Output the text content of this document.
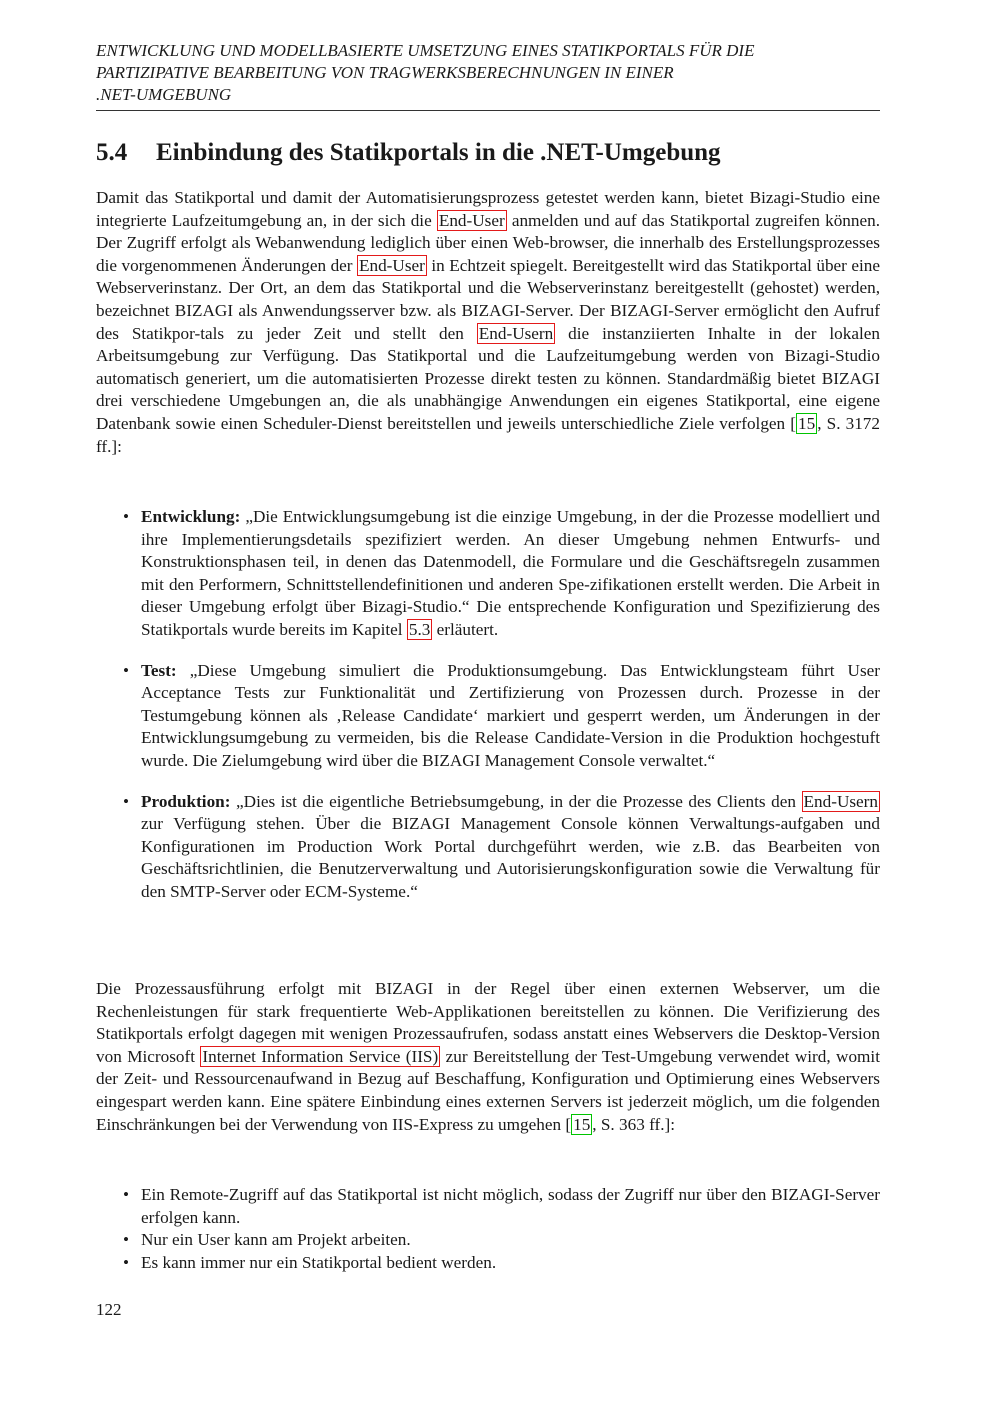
ENTWICKLUNG UND MODELLBASIERTE UMSETZUNG EINES STATIKPORTALS FÜR DIE
PARTIZIPATIVE BEARBEITUNG VON TRAGWERKSBERECHNUNGEN IN EINER
.NET-UMGEBUNG
5.4 Einbindung des Statikportals in die .NET-Umgebung

Damit das Statikportal und damit der Automatisierungsprozess getestet werden kann, bietet Bizagi-Studio eine integrierte Laufzeitumgebung an, in der sich die End-User anmelden und auf das Statikportal zugreifen können. Der Zugriff erfolgt als Webanwendung lediglich über einen Web-browser, die innerhalb des Erstellungsprozesses die vorgenommenen Änderungen der End-User in Echtzeit spiegelt. Bereitgestellt wird das Statikportal über eine Webserverinstanz. Der Ort, an dem das Statikportal und die Webserverinstanz bereitgestellt (gehostet) werden, bezeichnet BIZAGI als Anwendungsserver bzw. als BIZAGI-Server. Der BIZAGI-Server ermöglicht den Aufruf des Statikpor-tals zu jeder Zeit und stellt den End-Usern die instanziierten Inhalte in der lokalen Arbeitsumgebung zur Verfügung. Das Statikportal und die Laufzeitumgebung werden von Bizagi-Studio automatisch generiert, um die automatisierten Prozesse direkt testen zu können. Standardmäßig bietet BIZAGI drei verschiedene Umgebungen an, die als unabhängige Anwendungen ein eigenes Statikportal, eine eigene Datenbank sowie einen Scheduler-Dienst bereitstellen und jeweils unterschiedliche Ziele verfolgen [ 15 , S. 3172 ff.]:

• Entwicklung: „Die Entwicklungsumgebung ist die einzige Umgebung, in der die Prozesse modelliert und ihre Implementierungsdetails spezifiziert werden. An dieser Umgebung nehmen Entwurfs- und Konstruktionsphasen teil, in denen das Datenmodell, die Formulare und die Geschäftsregeln zusammen mit den Performern, Schnittstellendefinitionen und anderen Spe-zifikationen erstellt werden. Die Arbeit in dieser Umgebung erfolgt über Bizagi-Studio.“ Die entsprechende Konfiguration und Spezifizierung des Statikportals wurde bereits im Kapitel 5.3 erläutert.
• Test: „Diese Umgebung simuliert die Produktionsumgebung. Das Entwicklungsteam führt User Acceptance Tests zur Funktionalität und Zertifizierung von Prozessen durch. Prozesse in der Testumgebung können als ‚Release Candidate‘ markiert und gesperrt werden, um Änderungen in der Entwicklungsumgebung zu vermeiden, bis die Release Candidate-Version in die Produktion hochgestuft wurde. Die Zielumgebung wird über die BIZAGI Management Console verwaltet.“
• Produktion: „Dies ist die eigentliche Betriebsumgebung, in der die Prozesse des Clients den End-Usern zur Verfügung stehen. Über die BIZAGI Management Console können Verwaltungs-aufgaben und Konfigurationen im Production Work Portal durchgeführt werden, wie z.B. das Bearbeiten von Geschäftsrichtlinien, die Benutzerverwaltung und Autorisierungskonfiguration sowie die Verwaltung für den SMTP-Server oder ECM-Systeme.“

Die Prozessausführung erfolgt mit BIZAGI in der Regel über einen externen Webserver, um die Rechenleistungen für stark frequentierte Web-Applikationen bereitstellen zu können. Die Verifizierung des Statikportals erfolgt dagegen mit wenigen Prozessaufrufen, sodass anstatt eines Webservers die Desktop-Version von Microsoft Internet Information Service (IIS) zur Bereitstellung der Test-Umgebung verwendet wird, womit der Zeit- und Ressourcenaufwand in Bezug auf Beschaffung, Konfiguration und Optimierung eines Webservers eingespart werden kann. Eine spätere Einbindung eines externen Servers ist jederzeit möglich, um die folgenden Einschränkungen bei der Verwendung von IIS-Express zu umgehen [ 15 , S. 363 ff.]:

• Ein Remote-Zugriff auf das Statikportal ist nicht möglich, sodass der Zugriff nur über den BIZAGI-Server erfolgen kann.
• Nur ein User kann am Projekt arbeiten.
• Es kann immer nur ein Statikportal bedient werden.
122
